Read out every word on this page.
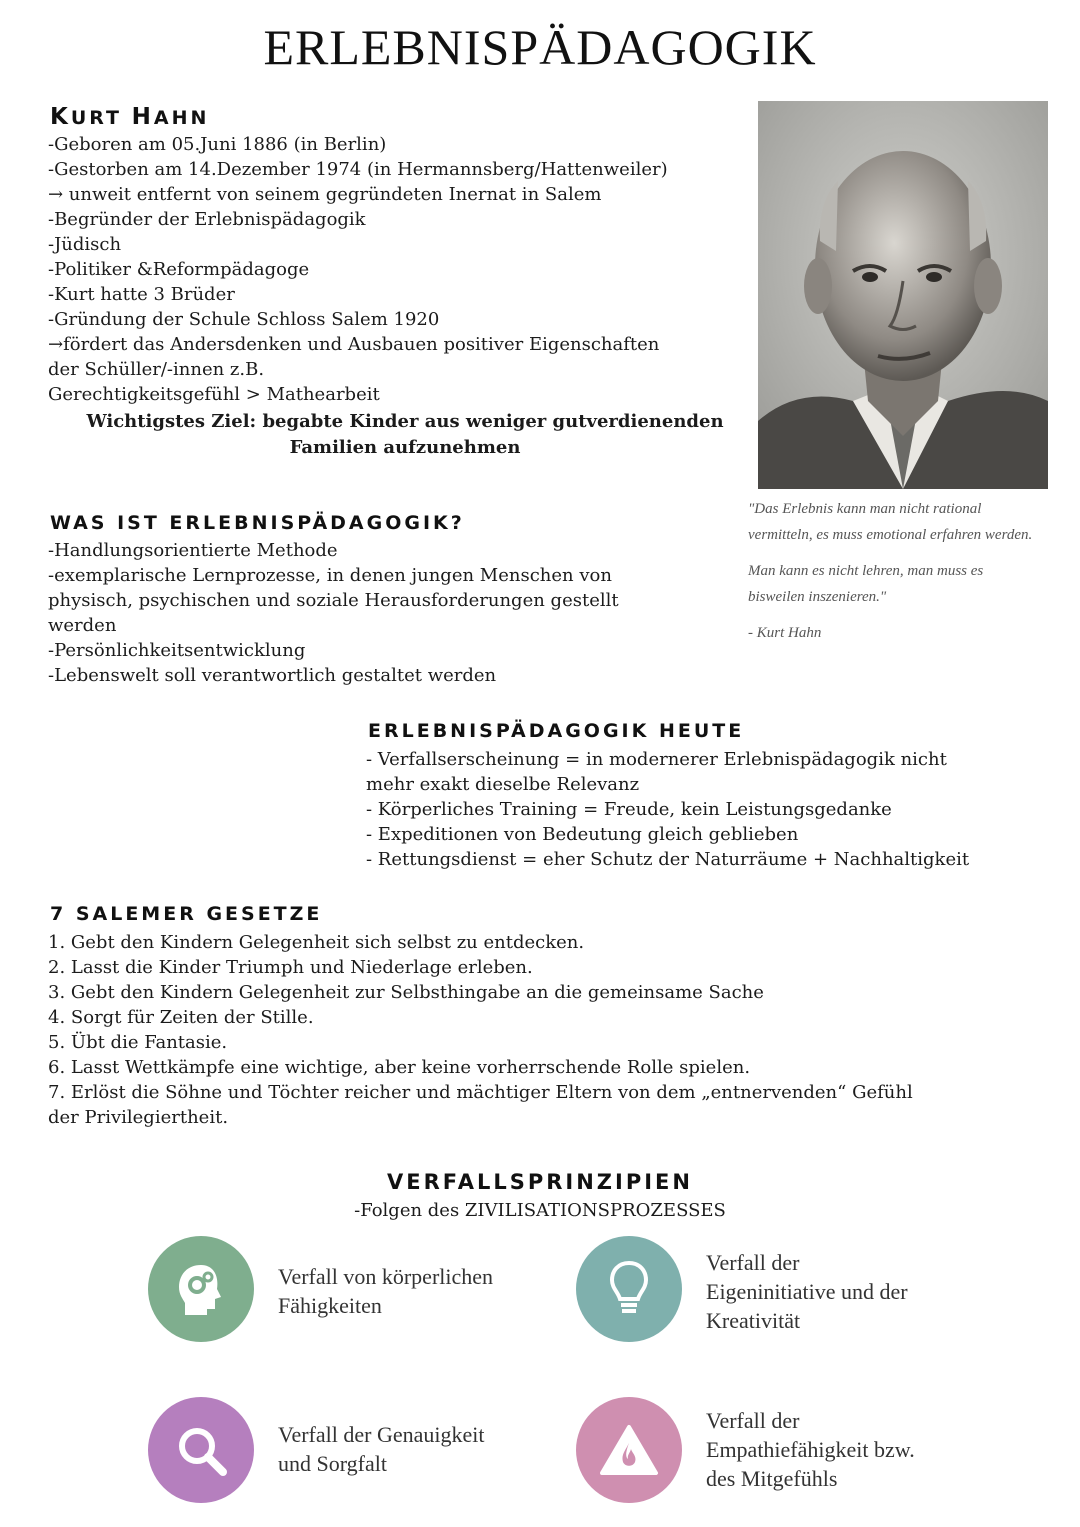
ERLEBNISPÄDAGOGIK
KURT HAHN
-Geboren am 05.Juni 1886 (in Berlin)
-Gestorben am 14.Dezember 1974 (in Hermannsberg/Hattenweiler)
→ unweit entfernt von seinem gegründeten Inernat in Salem
-Begründer der Erlebnispädagogik
-Jüdisch
-Politiker &Reformpädagoge
-Kurt hatte 3 Brüder
-Gründung der Schule Schloss Salem 1920
→fördert das Andersdenken und Ausbauen positiver Eigenschaften
der Schüller/-innen z.B.
Gerechtigkeitsgefühl > Mathearbeit
Wichtigstes Ziel: begabte Kinder aus weniger gutverdienenden
Familien aufzunehmen
"Das Erlebnis kann man nicht rational
vermitteln, es muss emotional erfahren werden.
Man kann es nicht lehren, man muss es
bisweilen inszenieren."
- Kurt Hahn
WAS IST ERLEBNISPÄDAGOGIK?
-Handlungsorientierte Methode
-exemplarische Lernprozesse, in denen jungen Menschen von
physisch, psychischen und soziale Herausforderungen gestellt
werden
-Persönlichkeitsentwicklung
-Lebenswelt soll verantwortlich gestaltet werden
ERLEBNISPÄDAGOGIK HEUTE
- Verfallserscheinung = in modernerer Erlebnispädagogik nicht
mehr exakt dieselbe Relevanz
- Körperliches Training = Freude, kein Leistungsgedanke
- Expeditionen von Bedeutung gleich geblieben
- Rettungsdienst = eher Schutz der Naturräume + Nachhaltigkeit
7 SALEMER GESETZE
1. Gebt den Kindern Gelegenheit sich selbst zu entdecken.
2. Lasst die Kinder Triumph und Niederlage erleben.
3. Gebt den Kindern Gelegenheit zur Selbsthingabe an die gemeinsame Sache
4. Sorgt für Zeiten der Stille.
5. Übt die Fantasie.
6. Lasst Wettkämpfe eine wichtige, aber keine vorherrschende Rolle spielen.
7. Erlöst die Söhne und Töchter reicher und mächtiger Eltern von dem „entnervenden“ Gefühl
der Privilegiertheit.
VERFALLSPRINZIPIEN
-Folgen des ZIVILISATIONSPROZESSES
Verfall von körperlichen
Fähigkeiten
Verfall der
Eigeninitiative und der
Kreativität
Verfall der Genauigkeit
und Sorgfalt
Verfall der
Empathiefähigkeit bzw.
des Mitgefühls
